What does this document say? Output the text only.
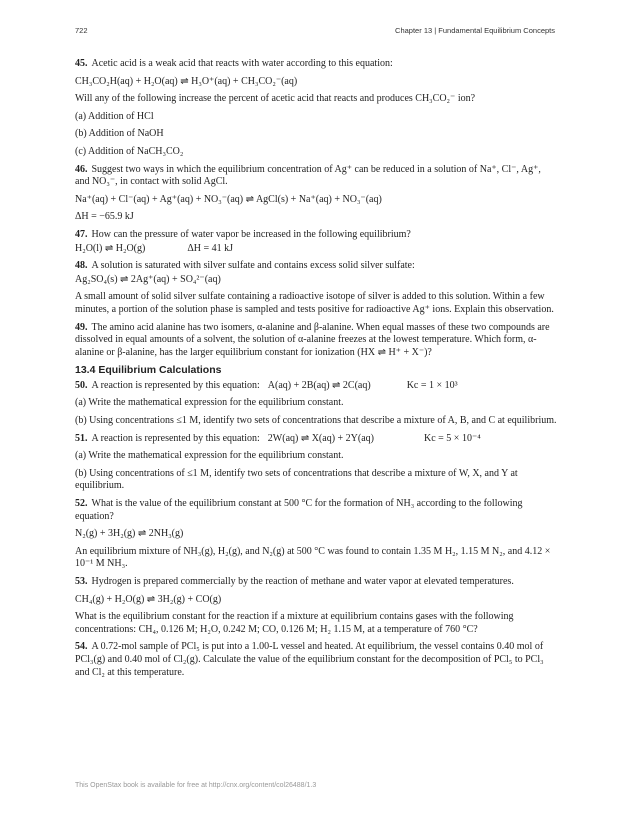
722	Chapter 13 | Fundamental Equilibrium Concepts

45. Acetic acid is a weak acid that reacts with water according to this equation:

CH₃CO₂H(aq) + H₂O(aq) ⇌ H₃O⁺(aq) + CH₃CO₂⁻(aq)

Will any of the following increase the percent of acetic acid that reacts and produces CH₃CO₂⁻ ion?

(a) Addition of HCl

(b) Addition of NaOH

(c) Addition of NaCH₃CO₂

46. Suggest two ways in which the equilibrium concentration of Ag⁺ can be reduced in a solution of Na⁺, Cl⁻, Ag⁺, and NO₃⁻, in contact with solid AgCl.

Na⁺(aq) + Cl⁻(aq) + Ag⁺(aq) + NO₃⁻(aq) ⇌ AgCl(s) + Na⁺(aq) + NO₃⁻(aq)
ΔH = −65.9 kJ

47. How can the pressure of water vapor be increased in the following equilibrium?

H₂O(l) ⇌ H₂O(g)	ΔH = 41 kJ

48. A solution is saturated with silver sulfate and contains excess solid silver sulfate:

Ag₂SO₄(s) ⇌ 2Ag⁺(aq) + SO₄²⁻(aq)

A small amount of solid silver sulfate containing a radioactive isotope of silver is added to this solution. Within a few minutes, a portion of the solution phase is sampled and tests positive for radioactive Ag⁺ ions. Explain this observation.

49. The amino acid alanine has two isomers, α-alanine and β-alanine. When equal masses of these two compounds are dissolved in equal amounts of a solvent, the solution of α-alanine freezes at the lowest temperature. Which form, α-alanine or β-alanine, has the larger equilibrium constant for ionization (HX ⇌ H⁺ + X⁻)?

13.4 Equilibrium Calculations

50. A reaction is represented by this equation: A(aq) + 2B(aq) ⇌ 2C(aq)	Kc = 1 × 10³

(a) Write the mathematical expression for the equilibrium constant.

(b) Using concentrations ≤1 M, identify two sets of concentrations that describe a mixture of A, B, and C at equilibrium.

51. A reaction is represented by this equation: 2W(aq) ⇌ X(aq) + 2Y(aq)	Kc = 5 × 10⁻⁴

(a) Write the mathematical expression for the equilibrium constant.

(b) Using concentrations of ≤1 M, identify two sets of concentrations that describe a mixture of W, X, and Y at equilibrium.

52. What is the value of the equilibrium constant at 500 °C for the formation of NH₃ according to the following equation?

N₂(g) + 3H₂(g) ⇌ 2NH₃(g)

An equilibrium mixture of NH₃(g), H₂(g), and N₂(g) at 500 °C was found to contain 1.35 M H₂, 1.15 M N₂, and 4.12 × 10⁻¹ M NH₃.

53. Hydrogen is prepared commercially by the reaction of methane and water vapor at elevated temperatures.

CH₄(g) + H₂O(g) ⇌ 3H₂(g) + CO(g)

What is the equilibrium constant for the reaction if a mixture at equilibrium contains gases with the following concentrations: CH₄, 0.126 M; H₂O, 0.242 M; CO, 0.126 M; H₂ 1.15 M, at a temperature of 760 °C?

54. A 0.72-mol sample of PCl₅ is put into a 1.00-L vessel and heated. At equilibrium, the vessel contains 0.40 mol of PCl₃(g) and 0.40 mol of Cl₂(g). Calculate the value of the equilibrium constant for the decomposition of PCl₅ to PCl₃ and Cl₂ at this temperature.

This OpenStax book is available for free at http://cnx.org/content/col26488/1.3
